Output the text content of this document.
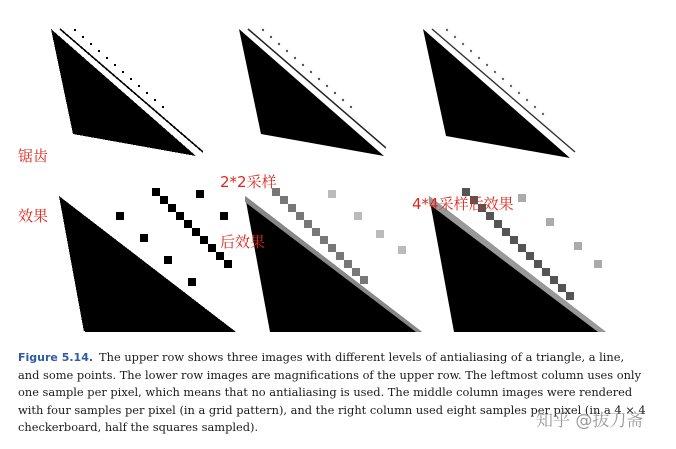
锯齿

效果

2*2采样

后效果

4*4采样后效果

Figure 5.14. The upper row shows three images with different levels of antialiasing of a triangle, a line, and some points. The lower row images are magnifications of the upper row. The leftmost column uses only one sample per pixel, which means that no antialiasing is used. The middle column images were rendered with four samples per pixel (in a grid pattern), and the right column used eight samples per pixel (in a 4 × 4 checkerboard, half the squares sampled).	知乎 @拔刀斋
